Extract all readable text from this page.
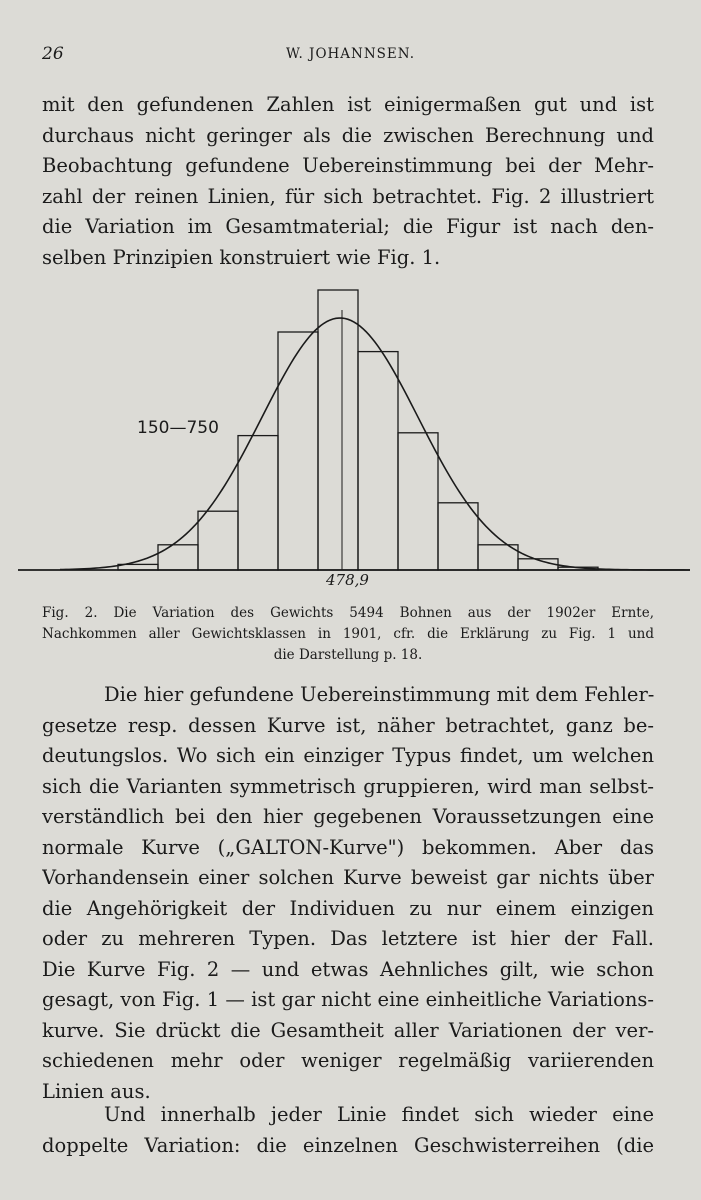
26	W. JOHANNSEN.
mit den gefundenen Zahlen ist einigermaßen gut und ist
durchaus nicht geringer als die zwischen Berechnung und
Beobachtung gefundene Uebereinstimmung bei der Mehr-
zahl der reinen Linien, für sich betrachtet. Fig. 2 illustriert
die Variation im Gesamtmaterial; die Figur ist nach den-
selben Prinzipien konstruiert wie Fig. 1.
150—750
478,9
Fig. 2. Die Variation des Gewichts 5494 Bohnen aus der 1902er Ernte,
Nachkommen aller Gewichtsklassen in 1901, cfr. die Erklärung zu Fig. 1 und
die Darstellung p. 18.
Die hier gefundene Uebereinstimmung mit dem Fehler-
gesetze resp. dessen Kurve ist, näher betrachtet, ganz be-
deutungslos. Wo sich ein einziger Typus findet, um welchen
sich die Varianten symmetrisch gruppieren, wird man selbst-
verständlich bei den hier gegebenen Voraussetzungen eine
normale Kurve („GALTON-Kurve") bekommen. Aber das
Vorhandensein einer solchen Kurve beweist gar nichts über
die Angehörigkeit der Individuen zu nur einem einzigen
oder zu mehreren Typen. Das letztere ist hier der Fall.
Die Kurve Fig. 2 — und etwas Aehnliches gilt, wie schon
gesagt, von Fig. 1 — ist gar nicht eine einheitliche Variations-
kurve. Sie drückt die Gesamtheit aller Variationen der ver-
schiedenen mehr oder weniger regelmäßig variierenden
Linien aus.
Und innerhalb jeder Linie findet sich wieder eine
doppelte Variation: die einzelnen Geschwisterreihen (die
